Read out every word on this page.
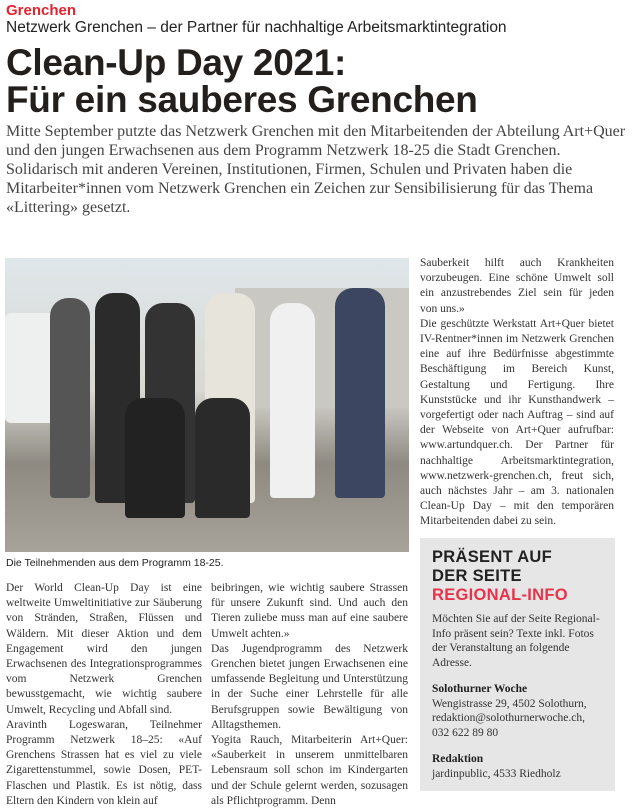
Grenchen
Netzwerk Grenchen – der Partner für nachhaltige Arbeitsmarktintegration
Clean-Up Day 2021:
Für ein sauberes Grenchen
Mitte September putzte das Netzwerk Grenchen mit den Mitarbeitenden der Abteilung Art+Quer und den jungen Erwachsenen aus dem Programm Netzwerk 18-25 die Stadt Grenchen. Solidarisch mit anderen Vereinen, Institutionen, Firmen, Schulen und Privaten haben die Mitarbeiter*innen vom Netzwerk Grenchen ein Zeichen zur Sensibilisierung für das Thema «Littering» gesetzt.
Die Teilnehmenden aus dem Programm 18-25.

Der World Clean-Up Day ist eine weltweite Umweltinitiative zur Säuberung von Stränden, Straßen, Flüssen und Wäldern. Mit dieser Aktion und dem Engagement wird den jungen Erwachsenen des Integrationsprogrammes vom Netzwerk Grenchen bewusstgemacht, wie wichtig saubere Umwelt, Recycling und Abfall sind.

Aravinth Logeswaran, Teilnehmer Programm Netzwerk 18–25: «Auf Grenchens Strassen hat es viel zu viele Zigarettenstummel, sowie Dosen, PET-Flaschen und Plastik. Es ist nötig, dass Eltern den Kindern von klein auf

beibringen, wie wichtig saubere Strassen für unsere Zukunft sind. Und auch den Tieren zuliebe muss man auf eine saubere Umwelt achten.»

Das Jugendprogramm des Netzwerk Grenchen bietet jungen Erwachsenen eine umfassende Begleitung und Unterstützung in der Suche einer Lehrstelle für alle Berufsgruppen sowie Bewältigung von Alltagsthemen.

Yogita Rauch, Mitarbeiterin Art+Quer: «Sauberkeit in unserem unmittelbaren Lebensraum soll schon im Kindergarten und der Schule gelernt werden, sozusagen als Pflichtprogramm. Denn

Sauberkeit hilft auch Krankheiten vorzubeugen. Eine schöne Umwelt soll ein anzustrebendes Ziel sein für jeden von uns.»

Die geschützte Werkstatt Art+Quer bietet IV-Rentner*innen im Netzwerk Grenchen eine auf ihre Bedürfnisse abgestimmte Beschäftigung im Bereich Kunst, Gestaltung und Fertigung. Ihre Kunststücke und ihr Kunsthandwerk – vorgefertigt oder nach Auftrag – sind auf der Webseite von Art+Quer aufrufbar: www.artundquer.ch. Der Partner für nachhaltige Arbeitsmarktintegration, www.netzwerk-grenchen.ch, freut sich, auch nächstes Jahr – am 3. nationalen Clean-Up Day – mit den temporären Mitarbeitenden dabei zu sein.

PRÄSENT AUF
DER SEITE
REGIONAL-INFO
Möchten Sie auf der Seite Regional-Info präsent sein? Texte inkl. Fotos der Veranstaltung an folgende Adresse.
Solothurner Woche
Wengistrasse 29, 4502 Solothurn,
redaktion@solothurnerwoche.ch,
032 622 89 80
Redaktion
jardinpublic, 4533 Riedholz
